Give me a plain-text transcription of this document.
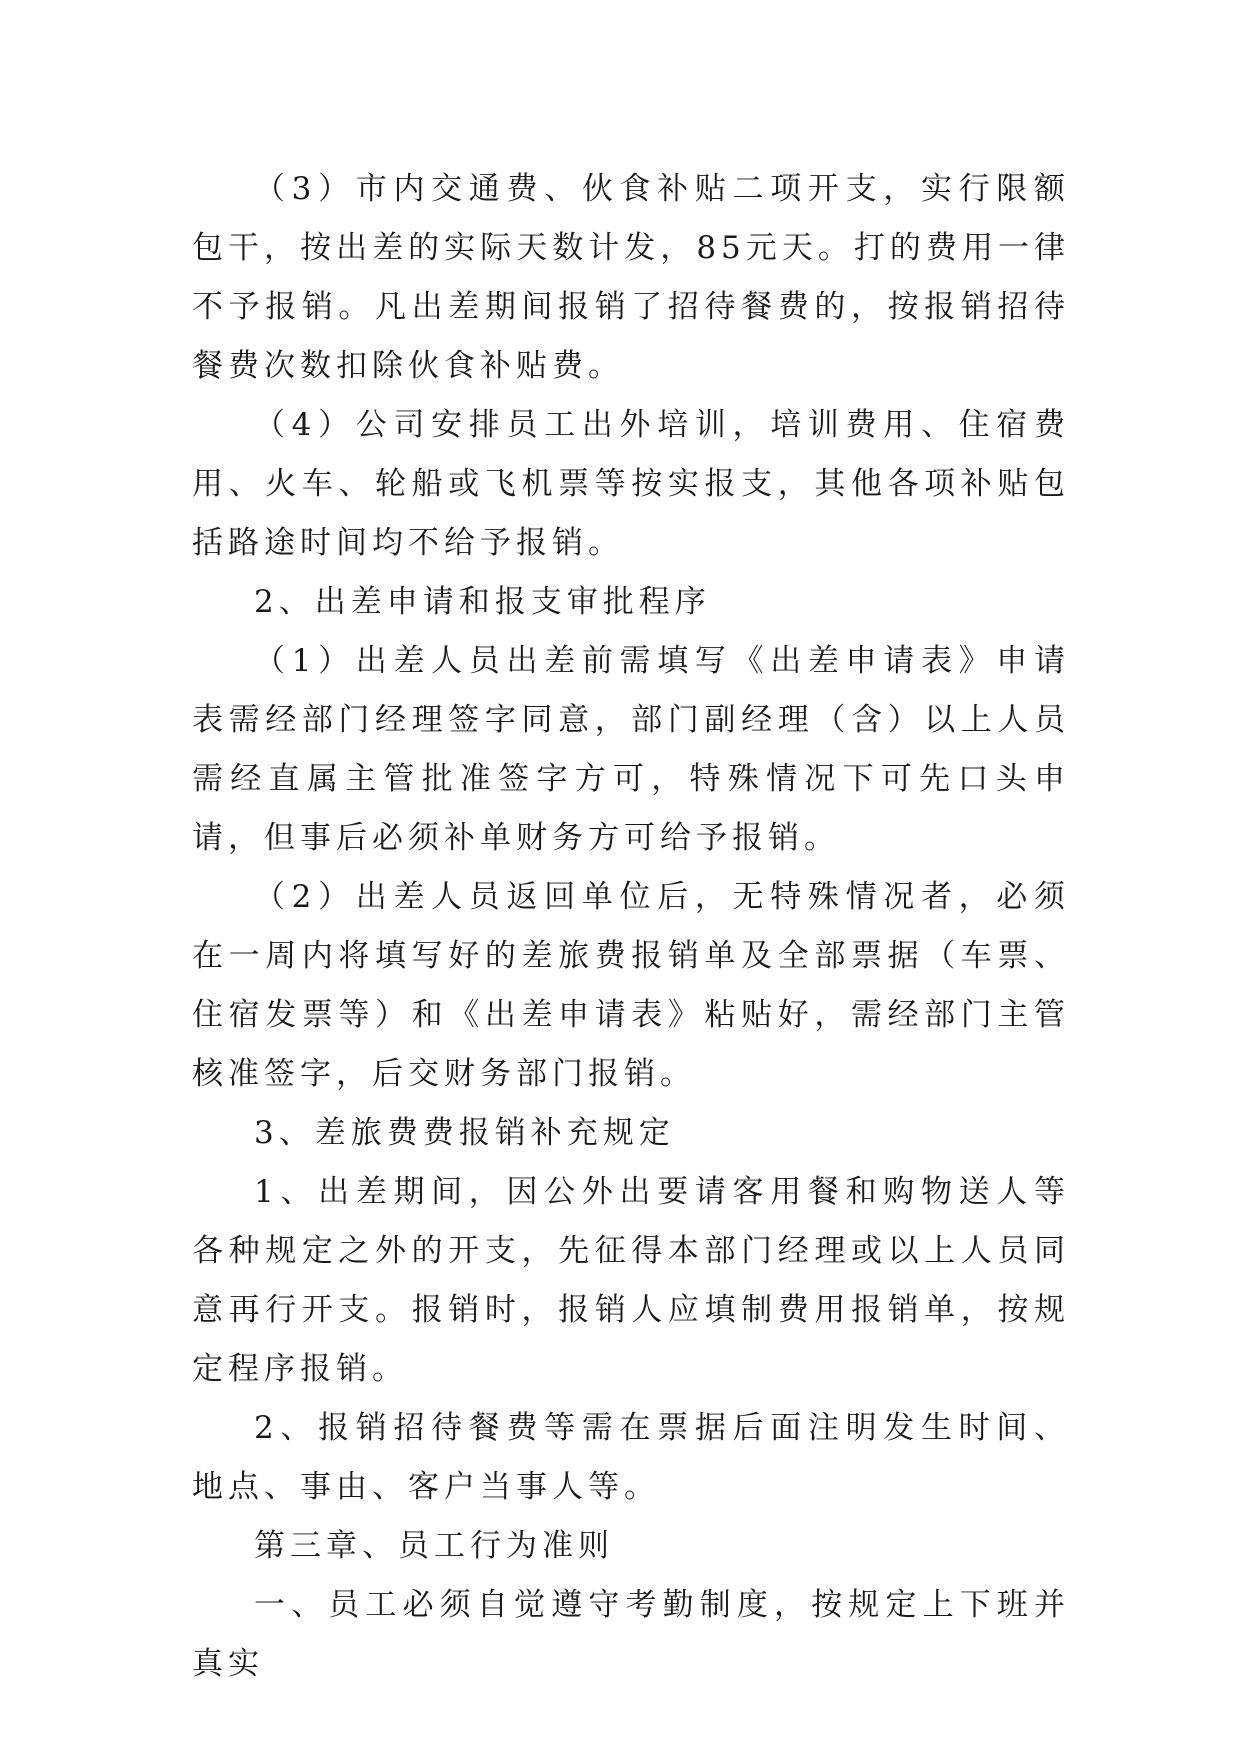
（3）市内交通费、伙食补贴二项开支，实行限额包干，按出差的实际天数计发，85元天。打的费用一律不予报销。凡出差期间报销了招待餐费的，按报销招待餐费次数扣除伙食补贴费。

（4）公司安排员工出外培训，培训费用、住宿费用、火车、轮船或飞机票等按实报支，其他各项补贴包括路途时间均不给予报销。

2、出差申请和报支审批程序

（1）出差人员出差前需填写《出差申请表》申请表需经部门经理签字同意，部门副经理（含）以上人员需经直属主管批准签字方可，特殊情况下可先口头申请，但事后必须补单财务方可给予报销。

（2）出差人员返回单位后，无特殊情况者，必须在一周内将填写好的差旅费报销单及全部票据（车票、住宿发票等）和《出差申请表》粘贴好，需经部门主管核准签字，后交财务部门报销。

3、差旅费费报销补充规定

1、出差期间，因公外出要请客用餐和购物送人等各种规定之外的开支，先征得本部门经理或以上人员同意再行开支。报销时，报销人应填制费用报销单，按规定程序报销。

2、报销招待餐费等需在票据后面注明发生时间、地点、事由、客户当事人等。

第三章、员工行为准则

一、员工必须自觉遵守考勤制度，按规定上下班并真实
